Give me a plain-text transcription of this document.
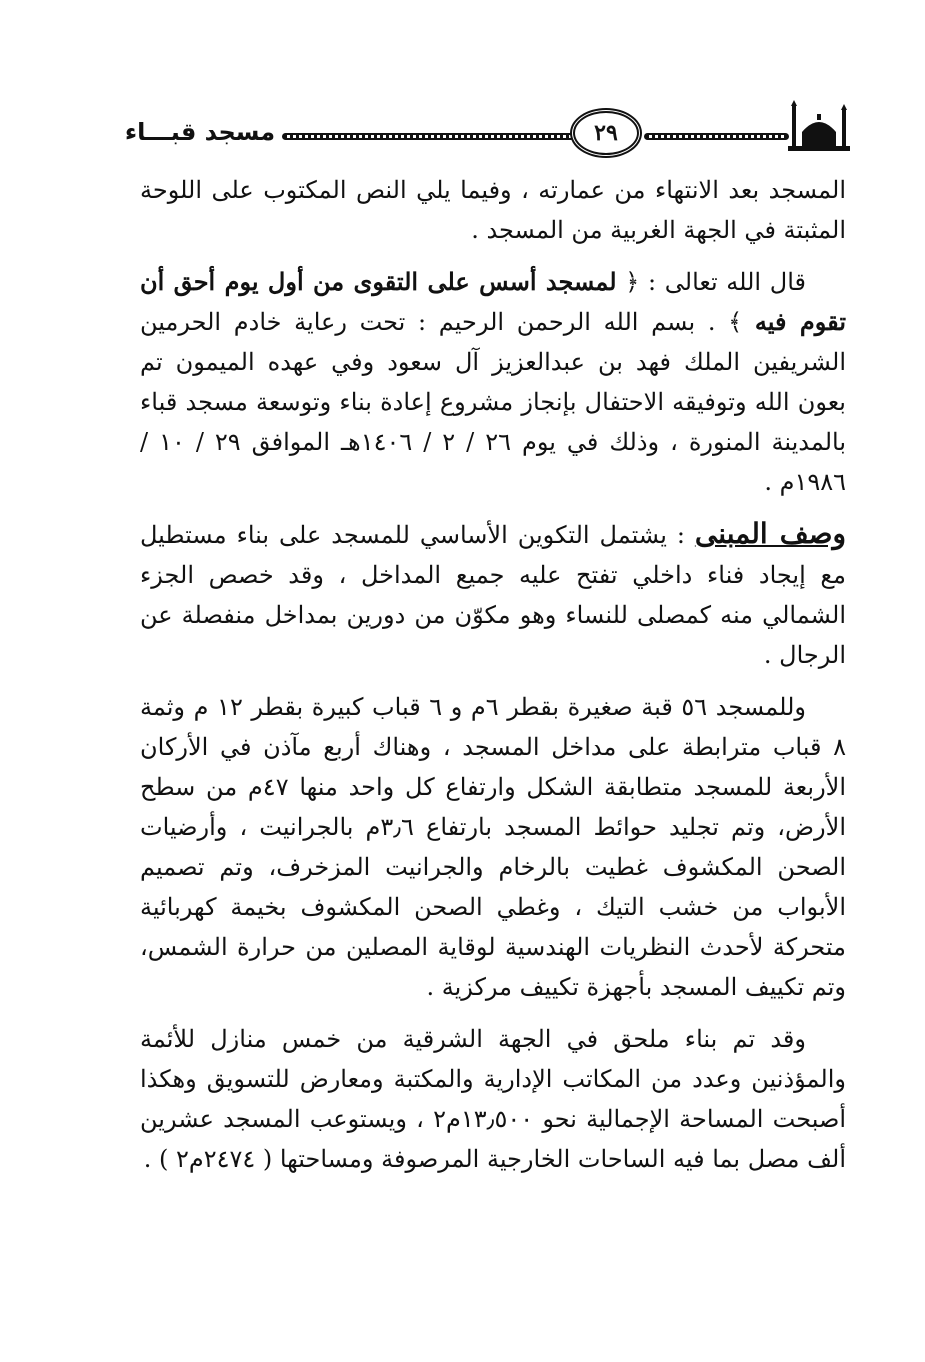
مسجد قبـــاء	٢٩

المسجد بعد الانتهاء من عمارته ، وفيما يلي النص المكتوب على اللوحة المثبتة في الجهة الغربية من المسجد .

قال الله تعالى : ﴿ لمسجد أسس على التقوى من أول يوم أحق أن تقوم فيه ﴾ . بسم الله الرحمن الرحيم : تحت رعاية خادم الحرمين الشريفين الملك فهد بن عبدالعزيز آل سعود وفي عهده الميمون تم بعون الله وتوفيقه الاحتفال بإنجاز مشروع إعادة بناء وتوسعة مسجد قباء بالمدينة المنورة ، وذلك في يوم ٢٦ / ٢ / ١٤٠٦هـ الموافق ٢٩ / ١٠ / ١٩٨٦م .

وصف المبنى : يشتمل التكوين الأساسي للمسجد على بناء مستطيل مع إيجاد فناء داخلي تفتح عليه جميع المداخل ، وقد خصص الجزء الشمالي منه كمصلى للنساء وهو مكوّن من دورين بمداخل منفصلة عن الرجال .

وللمسجد ٥٦ قبة صغيرة بقطر ٦م و ٦ قباب كبيرة بقطر ١٢ م وثمة ٨ قباب مترابطة على مداخل المسجد ، وهناك أربع مآذن في الأركان الأربعة للمسجد متطابقة الشكل وارتفاع كل واحد منها ٤٧م من سطح الأرض، وتم تجليد حوائط المسجد بارتفاع ٣٫٦م بالجرانيت ، وأرضيات الصحن المكشوف غطيت بالرخام والجرانيت المزخرف، وتم تصميم الأبواب من خشب التيك ، وغطي الصحن المكشوف بخيمة كهربائية متحركة لأحدث النظريات الهندسية لوقاية المصلين من حرارة الشمس، وتم تكييف المسجد بأجهزة تكييف مركزية .

وقد تم بناء ملحق في الجهة الشرقية من خمس منازل للأئمة والمؤذنين وعدد من المكاتب الإدارية والمكتبة ومعارض للتسويق وهكذا أصبحت المساحة الإجمالية نحو ١٣٫٥٠٠م٢ ، ويستوعب المسجد عشرين ألف مصل بما فيه الساحات الخارجية المرصوفة ومساحتها ( ٢٤٧٤م٢ ) .
